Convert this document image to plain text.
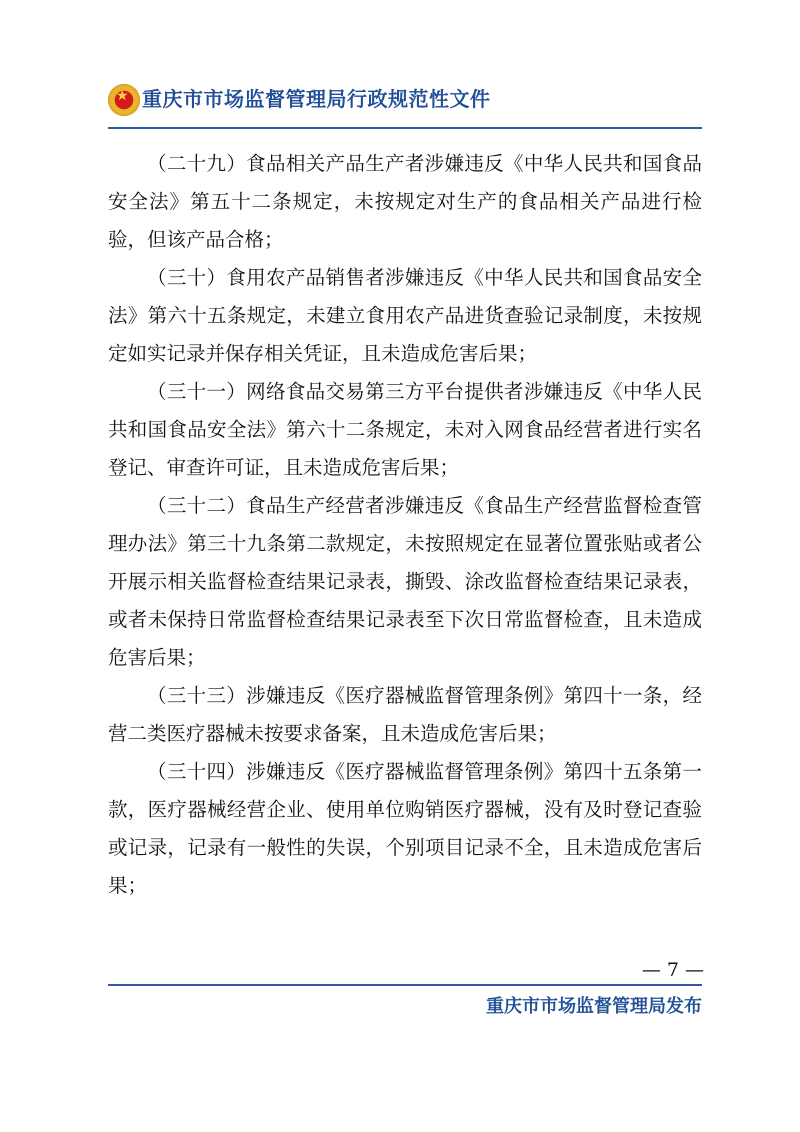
★ 重庆市市场监督管理局行政规范性文件

（二十九）食品相关产品生产者涉嫌违反《中华人民共和国食品安全法》第五十二条规定，未按规定对生产的食品相关产品进行检验，但该产品合格；

（三十）食用农产品销售者涉嫌违反《中华人民共和国食品安全法》第六十五条规定，未建立食用农产品进货查验记录制度，未按规定如实记录并保存相关凭证，且未造成危害后果；

（三十一）网络食品交易第三方平台提供者涉嫌违反《中华人民共和国食品安全法》第六十二条规定，未对入网食品经营者进行实名登记、审查许可证，且未造成危害后果；

（三十二）食品生产经营者涉嫌违反《食品生产经营监督检查管理办法》第三十九条第二款规定，未按照规定在显著位置张贴或者公开展示相关监督检查结果记录表，撕毁、涂改监督检查结果记录表，或者未保持日常监督检查结果记录表至下次日常监督检查，且未造成危害后果；

（三十三）涉嫌违反《医疗器械监督管理条例》第四十一条，经营二类医疗器械未按要求备案，且未造成危害后果；

（三十四）涉嫌违反《医疗器械监督管理条例》第四十五条第一款，医疗器械经营企业、使用单位购销医疗器械，没有及时登记查验或记录，记录有一般性的失误，个别项目记录不全，且未造成危害后果；

— 7 —
重庆市市场监督管理局发布
